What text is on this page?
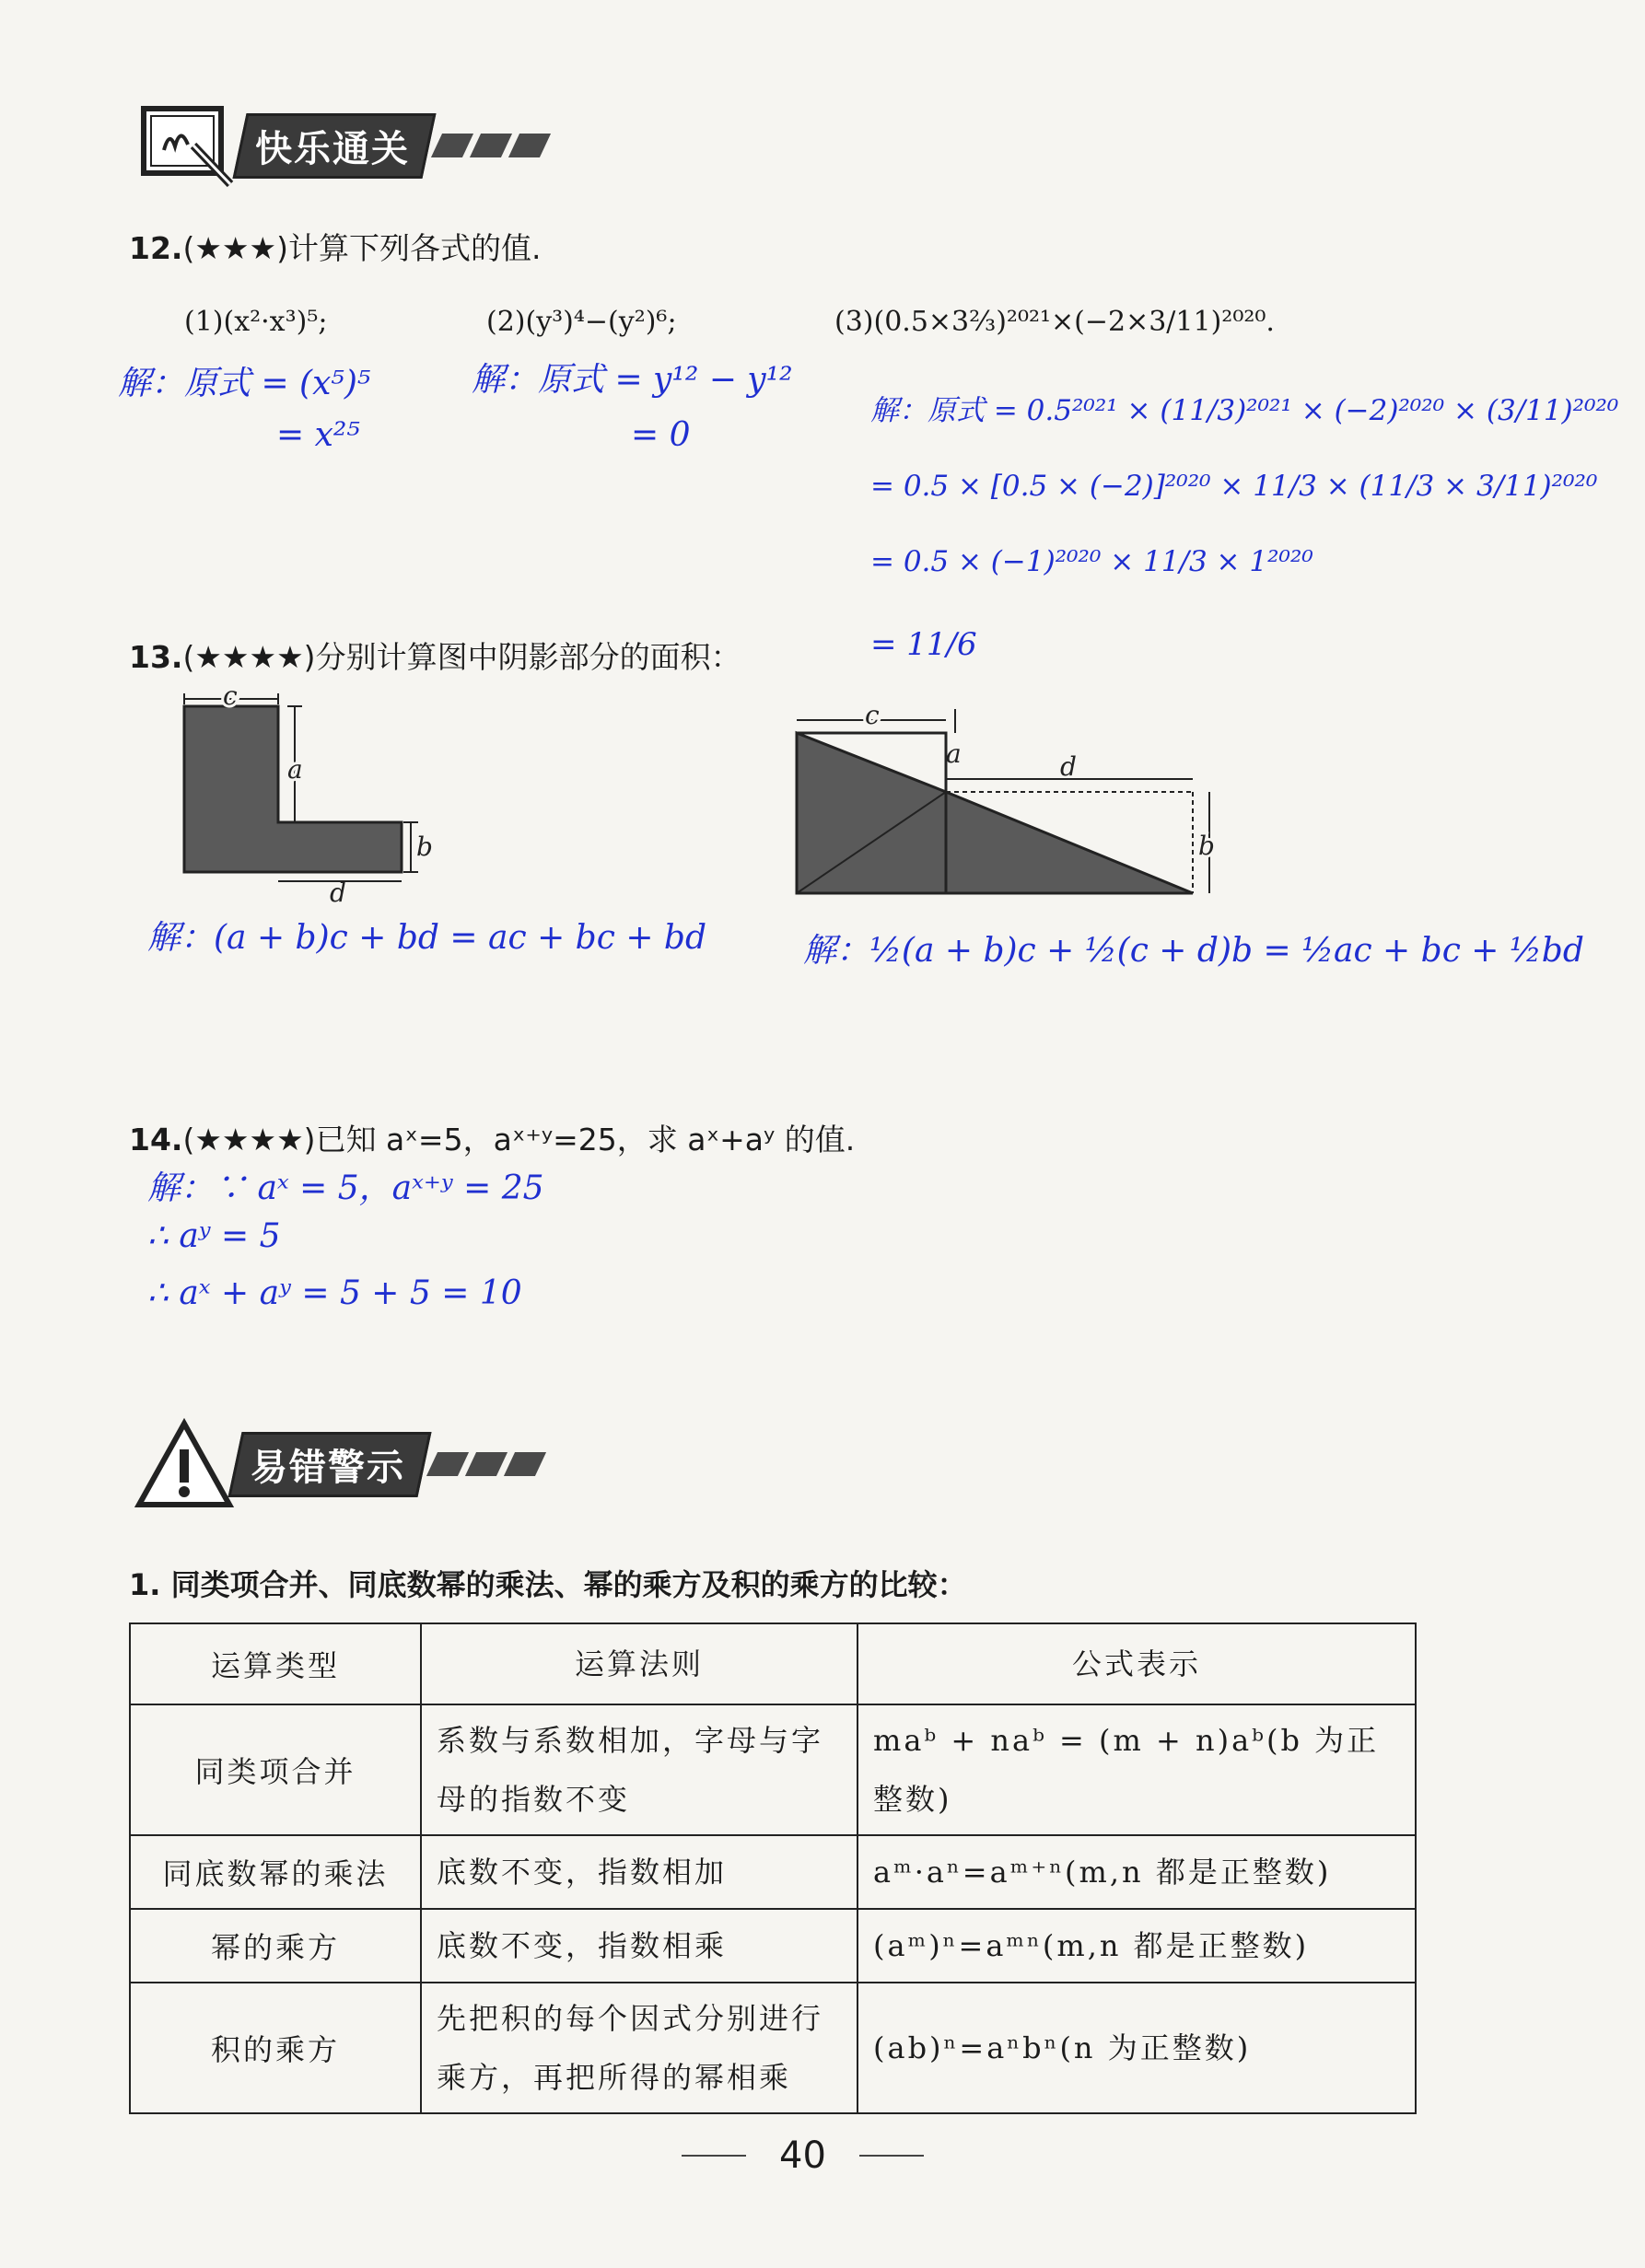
快乐通关
12.(★★★)计算下列各式的值.
(1)(x²·x³)⁵;	(2)(y³)⁴−(y²)⁶;	(3)(0.5×3⅔)²⁰²¹×(−2×3/11)²⁰²⁰.
解：原式 = (x⁵)⁵
= x²⁵
解：原式 = y¹² − y¹²
= 0
解：原式 = 0.5²⁰²¹ × (11/3)²⁰²¹ × (−2)²⁰²⁰ × (3/11)²⁰²⁰
= 0.5 × [0.5 × (−2)]²⁰²⁰ × 11/3 × (11/3 × 3/11)²⁰²⁰
= 0.5 × (−1)²⁰²⁰ × 11/3 × 1²⁰²⁰
= 11/6
13.(★★★★)分别计算图中阴影部分的面积：
c
a
b
d
c
a	d
b
解：(a + b)c + bd = ac + bc + bd	解：½(a + b)c + ½(c + d)b = ½ac + bc + ½bd
14.(★★★★)已知 aˣ=5，aˣ⁺ʸ=25，求 aˣ+aʸ 的值.
解：∵ aˣ = 5，aˣ⁺ʸ = 25
∴ aʸ = 5
∴ aˣ + aʸ = 5 + 5 = 10
易错警示
1. 同类项合并、同底数幂的乘法、幂的乘方及积的乘方的比较：
运算类型	运算法则	公式表示
同类项合并	系数与系数相加，字母与字母的指数不变	maᵇ + naᵇ = (m + n)aᵇ(b 为正整数)
同底数幂的乘法	底数不变，指数相加	aᵐ·aⁿ=aᵐ⁺ⁿ(m,n 都是正整数)
幂的乘方	底数不变，指数相乘	(aᵐ)ⁿ=aᵐⁿ(m,n 都是正整数)
积的乘方	先把积的每个因式分别进行乘方，再把所得的幂相乘	(ab)ⁿ=aⁿbⁿ(n 为正整数)
40
